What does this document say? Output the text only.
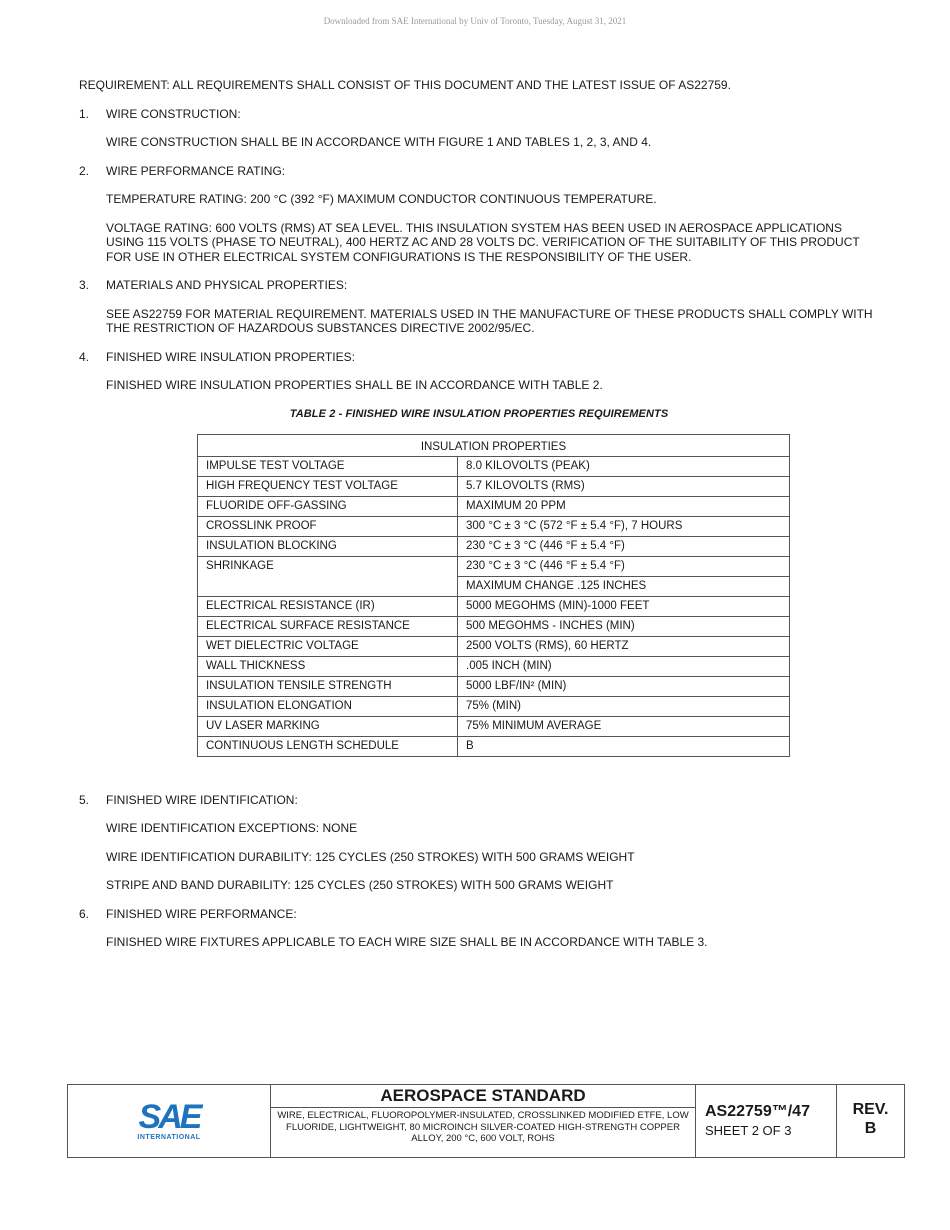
Downloaded from SAE International by Univ of Toronto, Tuesday, August 31, 2021

REQUIREMENT: ALL REQUIREMENTS SHALL CONSIST OF THIS DOCUMENT AND THE LATEST ISSUE OF AS22759.

1.	WIRE CONSTRUCTION:

WIRE CONSTRUCTION SHALL BE IN ACCORDANCE WITH FIGURE 1 AND TABLES 1, 2, 3, AND 4.

2.	WIRE PERFORMANCE RATING:

TEMPERATURE RATING: 200 °C (392 °F) MAXIMUM CONDUCTOR CONTINUOUS TEMPERATURE.

VOLTAGE RATING: 600 VOLTS (RMS) AT SEA LEVEL. THIS INSULATION SYSTEM HAS BEEN USED IN AEROSPACE APPLICATIONS USING 115 VOLTS (PHASE TO NEUTRAL), 400 HERTZ AC AND 28 VOLTS DC. VERIFICATION OF THE SUITABILITY OF THIS PRODUCT FOR USE IN OTHER ELECTRICAL SYSTEM CONFIGURATIONS IS THE RESPONSIBILITY OF THE USER.

3.	MATERIALS AND PHYSICAL PROPERTIES:

SEE AS22759 FOR MATERIAL REQUIREMENT. MATERIALS USED IN THE MANUFACTURE OF THESE PRODUCTS SHALL COMPLY WITH THE RESTRICTION OF HAZARDOUS SUBSTANCES DIRECTIVE 2002/95/EC.

4.	FINISHED WIRE INSULATION PROPERTIES:

FINISHED WIRE INSULATION PROPERTIES SHALL BE IN ACCORDANCE WITH TABLE 2.

TABLE 2 - FINISHED WIRE INSULATION PROPERTIES REQUIREMENTS
INSULATION PROPERTIES	
IMPULSE TEST VOLTAGE	8.0 KILOVOLTS (PEAK)
HIGH FREQUENCY TEST VOLTAGE	5.7 KILOVOLTS (RMS)
FLUORIDE OFF-GASSING	MAXIMUM 20 PPM
CROSSLINK PROOF	300 °C ± 3 °C (572 °F ± 5.4 °F), 7 HOURS
INSULATION BLOCKING	230 °C ± 3 °C (446 °F ± 5.4 °F)
SHRINKAGE	230 °C ± 3 °C (446 °F ± 5.4 °F)
	MAXIMUM CHANGE .125 INCHES
ELECTRICAL RESISTANCE (IR)	5000 MEGOHMS (MIN)-1000 FEET
ELECTRICAL SURFACE RESISTANCE	500 MEGOHMS - INCHES (MIN)
WET DIELECTRIC VOLTAGE	2500 VOLTS (RMS), 60 HERTZ
WALL THICKNESS	.005 INCH (MIN)
INSULATION TENSILE STRENGTH	5000 LBF/IN² (MIN)
INSULATION ELONGATION	75% (MIN)
UV LASER MARKING	75% MINIMUM AVERAGE
CONTINUOUS LENGTH SCHEDULE	B
5.	FINISHED WIRE IDENTIFICATION:

WIRE IDENTIFICATION EXCEPTIONS: NONE

WIRE IDENTIFICATION DURABILITY: 125 CYCLES (250 STROKES) WITH 500 GRAMS WEIGHT

STRIPE AND BAND DURABILITY: 125 CYCLES (250 STROKES) WITH 500 GRAMS WEIGHT

6.	FINISHED WIRE PERFORMANCE:

FINISHED WIRE FIXTURES APPLICABLE TO EACH WIRE SIZE SHALL BE IN ACCORDANCE WITH TABLE 3.

SAE
INTERNATIONAL
AEROSPACE STANDARD
WIRE, ELECTRICAL, FLUOROPOLYMER-INSULATED, CROSSLINKED MODIFIED ETFE, LOW FLUORIDE, LIGHTWEIGHT, 80 MICROINCH SILVER-COATED HIGH-STRENGTH COPPER ALLOY, 200 °C, 600 VOLT, ROHS
AS22759™/47
SHEET 2 OF 3
REV.
B
